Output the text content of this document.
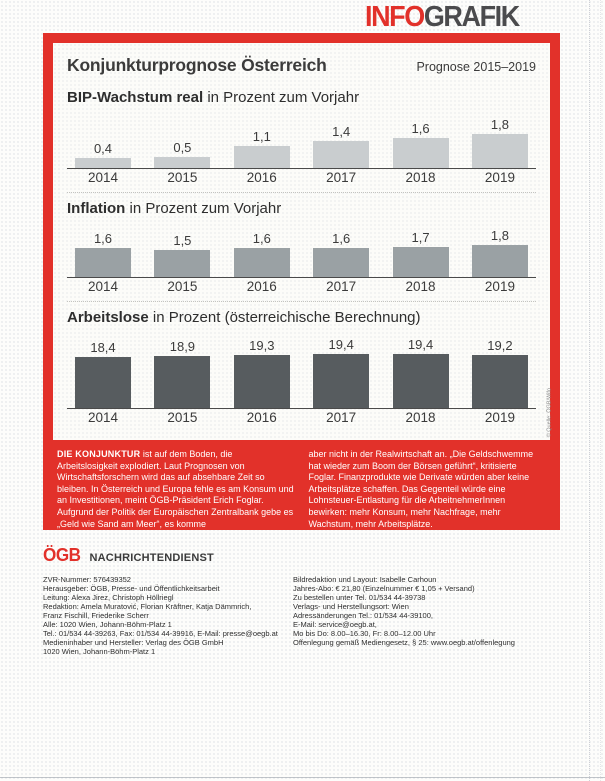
INFOGRAFIK
Konjunkturprognose Österreich	Prognose 2015–2019
BIP-Wachstum real in Prozent zum Vorjahr
0,4	0,5
1,1	1,4	1,6	1,8
2014	2015	2016	2017	2018	2019
Inflation in Prozent zum Vorjahr
1,6	1,5	1,6	1,6	1,7	1,8
2014	2015	2016	2017	2018	2019
Arbeitslose in Prozent (österreichische Berechnung)
18,4	18,9	19,3	19,4	19,4	19,2
2014	2015	2016	2017	2018	2019	© Quelle: ÖGB/Wifo
DIE KONJUNKTUR ist auf dem Boden, die Arbeitslosigkeit explodiert. Laut Prognosen von Wirtschaftsforschern wird das auf absehbare Zeit so bleiben. In Österreich und Europa fehle es am Konsum und an Investitionen, meint ÖGB-Präsident Erich Foglar. Aufgrund der Politik der Europäischen Zentralbank gebe es „Geld wie Sand am Meer“, es komme
aber nicht in der Realwirtschaft an. „Die Geldschwemme hat wieder zum Boom der Börsen geführt“, kritisierte Foglar. Finanzprodukte wie Derivate würden aber keine Arbeitsplätze schaffen. Das Gegenteil würde eine Lohnsteuer-Entlastung für die ArbeitnehmerInnen bewirken: mehr Konsum, mehr Nachfrage, mehr Wachstum, mehr Arbeitsplätze.
ÖGB NACHRICHTENDIENST
ZVR-Nummer: 576439352
Herausgeber: ÖGB, Presse- und Öffentlichkeitsarbeit
Leitung: Alexa Jirez, Christoph Höllriegl
Redaktion: Amela Muratović, Florian Kräftner, Katja Dämmrich,
Franz Fischill, Friederike Scherr
Alle: 1020 Wien, Johann-Böhm-Platz 1
Tel.: 01/534 44-39263, Fax: 01/534 44-39916, E-Mail: presse@oegb.at
Medieninhaber und Hersteller: Verlag des ÖGB GmbH
1020 Wien, Johann-Böhm-Platz 1
Bildredaktion und Layout: Isabelle Carhoun
Jahres-Abo: € 21,80 (Einzelnummer € 1,05 + Versand)
Zu bestellen unter Tel. 01/534 44-39738
Verlags- und Herstellungsort: Wien
Adressänderungen Tel.: 01/534 44-39100,
E-Mail: service@oegb.at,
Mo bis Do: 8.00–16.30, Fr: 8.00–12.00 Uhr
Offenlegung gemäß Mediengesetz, § 25: www.oegb.at/offenlegung
